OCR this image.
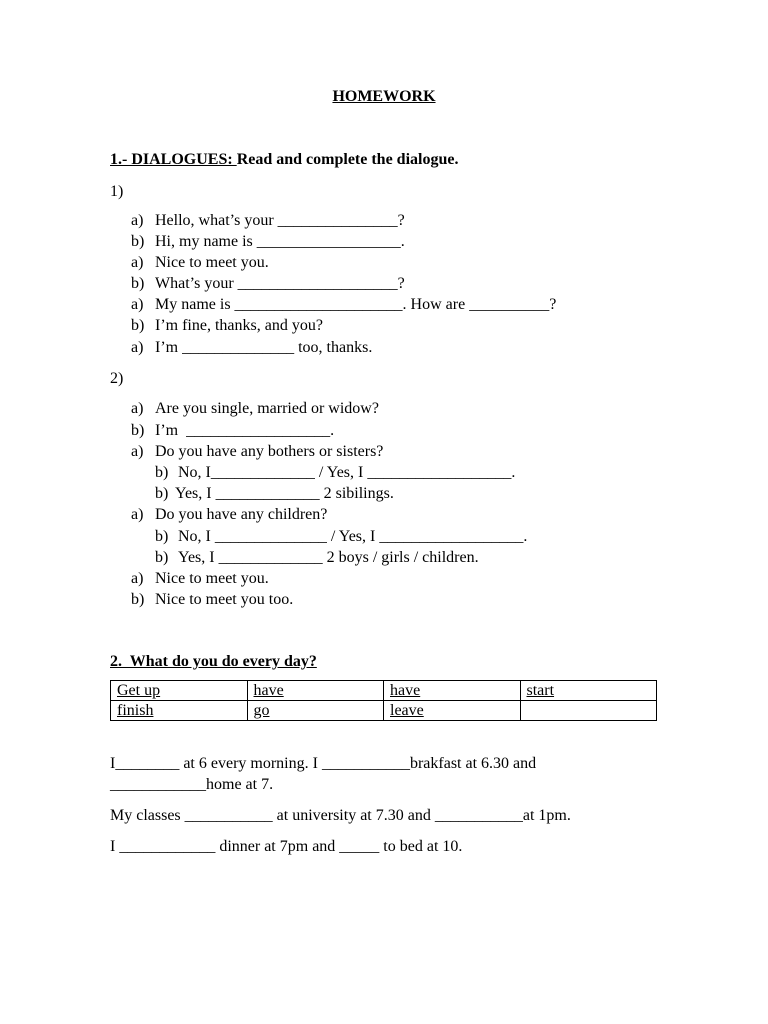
HOMEWORK
1.- DIALOGUES: Read and complete the dialogue.
1)
a) Hello, what’s your _______________?
b) Hi, my name is __________________.
a) Nice to meet you.
b) What’s your ____________________?
a) My name is _____________________. How are __________?
b) I’m fine, thanks, and you?
a) I’m ______________ too, thanks.
2)
a) Are you single, married or widow?
b) I’m  __________________.
a) Do you have any bothers or sisters?
b) No, I_____________ / Yes, I __________________.
b) Yes, I _____________ 2 sibilings.
a) Do you have any children?
b) No, I ______________ / Yes, I __________________.
b) Yes, I _____________ 2 boys / girls / children.
a) Nice to meet you.
b) Nice to meet you too.
2.  What do you do every day?
Get up	have	have	start
finish	go	leave	
I________ at 6 every morning. I ___________brakfast at 6.30 and
____________home at 7.
My classes ___________ at university at 7.30 and ___________at 1pm.
I ____________ dinner at 7pm and _____ to bed at 10.
